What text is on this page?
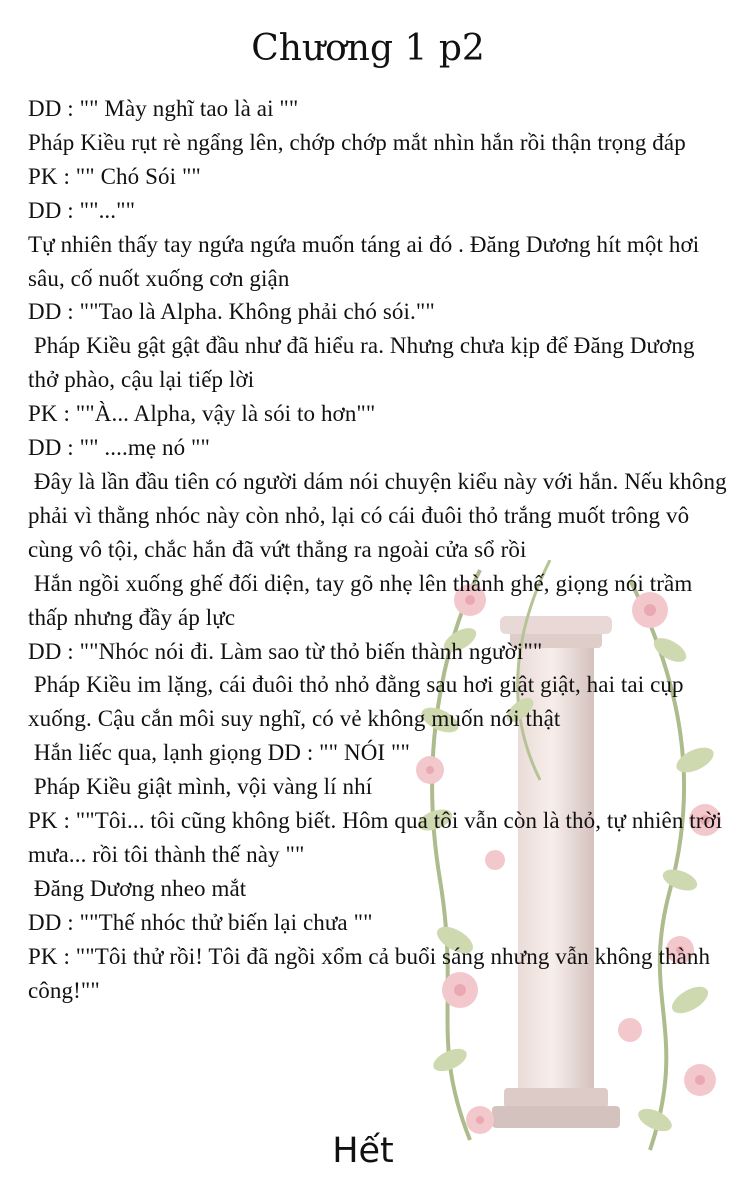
Chương 1 p2

DD : "" Mày nghĩ tao là ai ""

Pháp Kiều rụt rè ngẩng lên, chớp chớp mắt nhìn hắn rồi thận trọng đáp

PK : "" Chó Sói ""

DD : ""...""

Tự nhiên thấy tay ngứa ngứa muốn táng ai đó . Đăng Dương hít một hơi sâu, cố nuốt xuống cơn giận

DD : ""Tao là Alpha. Không phải chó sói.""

Pháp Kiều gật gật đầu như đã hiểu ra. Nhưng chưa kịp để Đăng Dương thở phào, cậu lại tiếp lời

PK : ""À... Alpha, vậy là sói to hơn""

DD : "" ....mẹ nó ""

Đây là lần đầu tiên có người dám nói chuyện kiểu này với hắn. Nếu không phải vì thằng nhóc này còn nhỏ, lại có cái đuôi thỏ trắng muốt trông vô cùng vô tội, chắc hắn đã vứt thẳng ra ngoài cửa sổ rồi

Hắn ngồi xuống ghế đối diện, tay gõ nhẹ lên thành ghế, giọng nói trầm thấp nhưng đầy áp lực

DD : ""Nhóc nói đi. Làm sao từ thỏ biến thành người""

Pháp Kiều im lặng, cái đuôi thỏ nhỏ đằng sau hơi giật giật, hai tai cụp xuống. Cậu cắn môi suy nghĩ, có vẻ không muốn nói thật

Hắn liếc qua, lạnh giọng DD : "" NÓI ""

Pháp Kiều giật mình, vội vàng lí nhí

PK : ""Tôi... tôi cũng không biết. Hôm qua tôi vẫn còn là thỏ, tự nhiên trời mưa... rồi tôi thành thế này ""

Đăng Dương nheo mắt

DD : ""Thế nhóc thử biến lại chưa ""

PK : ""Tôi thử rồi! Tôi đã ngồi xổm cả buổi sáng nhưng vẫn không thành công!""

Hết
